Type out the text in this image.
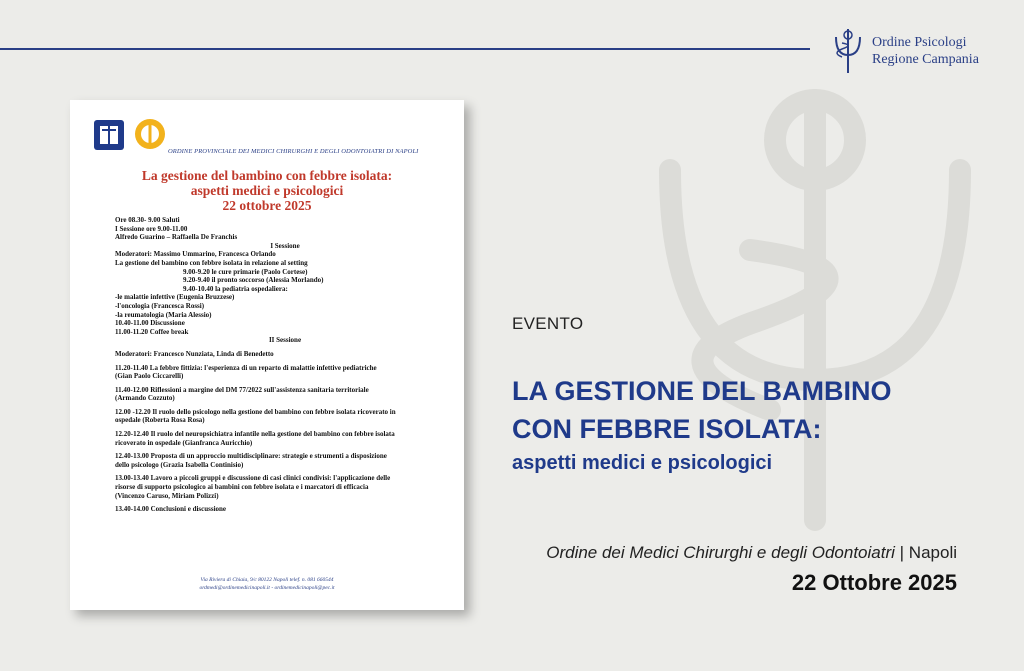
Ordine Psicologi
Regione Campania
ORDINE PROVINCIALE DEI MEDICI CHIRURGHI E DEGLI ODONTOIATRI DI NAPOLI
La gestione del bambino con febbre isolata:
aspetti medici e psicologici
22 ottobre 2025
Ore 08.30- 9.00 Saluti
I Sessione ore 9.00-11.00
Alfredo Guarino – Raffaella De Franchis
I Sessione
Moderatori: Massimo Ummarino, Francesca Orlando
La gestione del bambino con febbre isolata in relazione al setting
9.00-9.20 le cure primarie (Paolo Cortese)
9.20-9.40 il pronto soccorso (Alessia Morlando)
9.40-10.40 la pediatria ospedaliera:
-le malattie infettive (Eugenia Bruzzese)
-l'oncologia (Francesca Rossi)
-la reumatologia (Maria Alessio)
10.40-11.00 Discussione
11.00-11.20 Coffee break
II Sessione
Moderatori: Francesco Nunziata, Linda di Benedetto
11.20-11.40 La febbre fittizia: l'esperienza di un reparto di malattie infettive pediatriche
(Gian Paolo Ciccarelli)
11.40-12.00 Riflessioni a margine del DM 77/2022 sull'assistenza sanitaria territoriale
(Armando Cozzuto)
12.00 -12.20 Il ruolo dello psicologo nella gestione del bambino con febbre isolata ricoverato in
ospedale (Roberta Rosa Rosa)
12.20-12.40 Il ruolo del neuropsichiatra infantile nella gestione del bambino con febbre isolata
ricoverato in ospedale (Gianfranca Auricchio)
12.40-13.00 Proposta di un approccio multidisciplinare: strategie e strumenti a disposizione
dello psicologo (Grazia Isabella Continisio)
13.00-13.40 Lavoro a piccoli gruppi e discussione di casi clinici condivisi: l'applicazione delle
risorse di supporto psicologico ai bambini con febbre isolata e i marcatori di efficacia
(Vincenzo Caruso, Miriam Polizzi)
13.40-14.00 Conclusioni e discussione
Via Riviera di Chiaia, 9/c 80122 Napoli telef. n. 081 660544
ordmedi@ordinemedicinapoli.it - ordinemedicinapoli@pec.it
EVENTO
LA GESTIONE DEL BAMBINO
CON FEBBRE ISOLATA:
aspetti medici e psicologici
Ordine dei Medici Chirurghi e degli Odontoiatri | Napoli
22 Ottobre 2025
